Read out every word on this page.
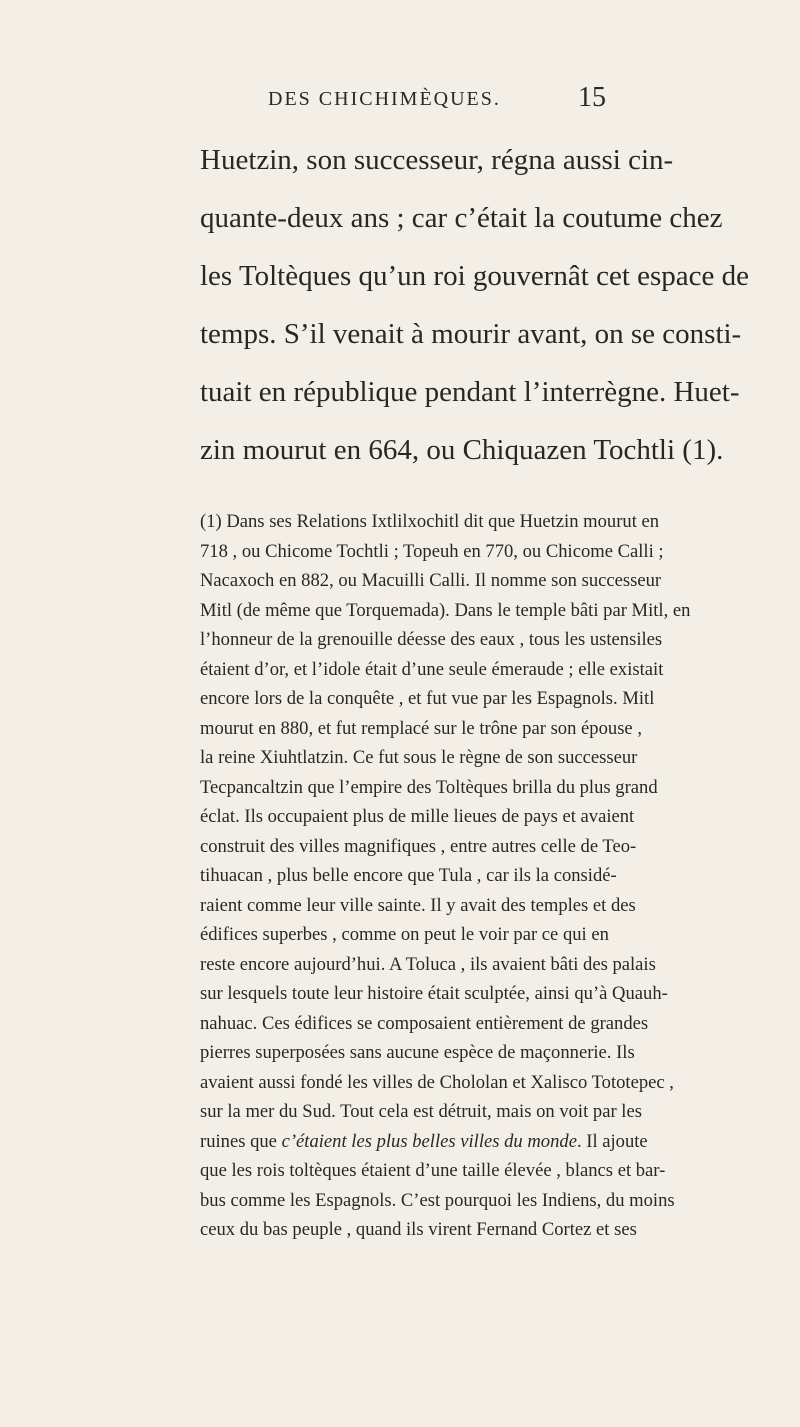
DES CHICHIMÈQUES.	15
Huetzin, son successeur, régna aussi cin-
quante-deux ans ; car c’était la coutume chez
les Toltèques qu’un roi gouvernât cet espace de
temps. S’il venait à mourir avant, on se consti-
tuait en république pendant l’interrègne. Huet-
zin mourut en 664, ou Chiquazen Tochtli (1).
(1) Dans ses Relations Ixtlilxochitl dit que Huetzin mourut en
718 , ou Chicome Tochtli ; Topeuh en 770, ou Chicome Calli ;
Nacaxoch en 882, ou Macuilli Calli. Il nomme son successeur
Mitl (de même que Torquemada). Dans le temple bâti par Mitl, en
l’honneur de la grenouille déesse des eaux , tous les ustensiles
étaient d’or, et l’idole était d’une seule émeraude ; elle existait
encore lors de la conquête , et fut vue par les Espagnols. Mitl
mourut en 880, et fut remplacé sur le trône par son épouse ,
la reine Xiuhtlatzin. Ce fut sous le règne de son successeur
Tecpancaltzin que l’empire des Toltèques brilla du plus grand
éclat. Ils occupaient plus de mille lieues de pays et avaient
construit des villes magnifiques , entre autres celle de Teo-
tihuacan , plus belle encore que Tula , car ils la considé-
raient comme leur ville sainte. Il y avait des temples et des
édifices superbes , comme on peut le voir par ce qui en
reste encore aujourd’hui. A Toluca , ils avaient bâti des palais
sur lesquels toute leur histoire était sculptée, ainsi qu’à Quauh-
nahuac. Ces édifices se composaient entièrement de grandes
pierres superposées sans aucune espèce de maçonnerie. Ils
avaient aussi fondé les villes de Chololan et Xalisco Tototepec ,
sur la mer du Sud. Tout cela est détruit, mais on voit par les
ruines que c’étaient les plus belles villes du monde. Il ajoute
que les rois toltèques étaient d’une taille élevée , blancs et bar-
bus comme les Espagnols. C’est pourquoi les Indiens, du moins
ceux du bas peuple , quand ils virent Fernand Cortez et ses
